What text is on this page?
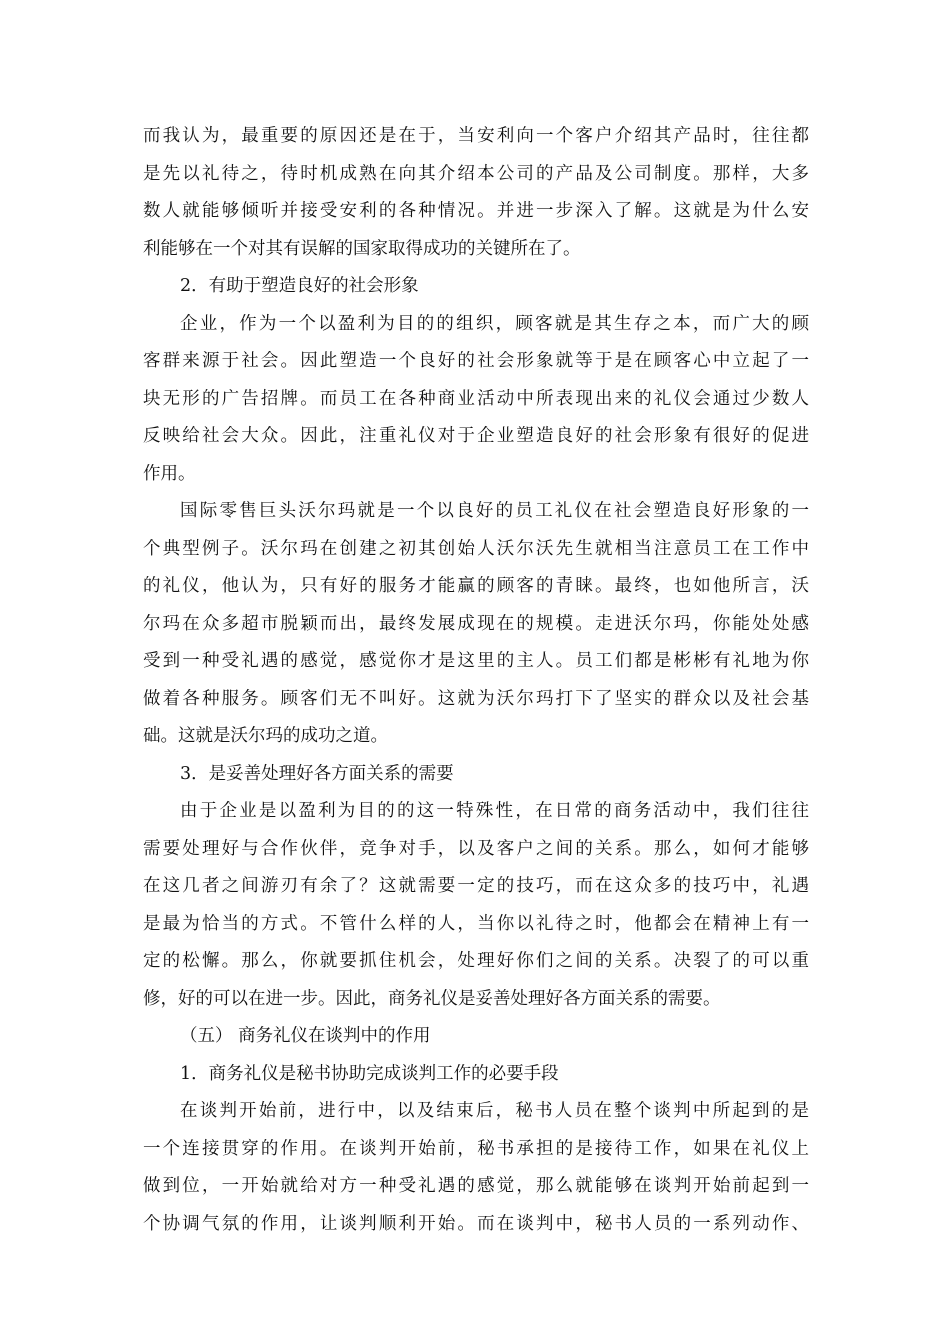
而我认为，最重要的原因还是在于，当安利向一个客户介绍其产品时，往往都
是先以礼待之，待时机成熟在向其介绍本公司的产品及公司制度。那样，大多
数人就能够倾听并接受安利的各种情况。并进一步深入了解。这就是为什么安
利能够在一个对其有误解的国家取得成功的关键所在了。
2．有助于塑造良好的社会形象
企业，作为一个以盈利为目的的组织，顾客就是其生存之本，而广大的顾
客群来源于社会。因此塑造一个良好的社会形象就等于是在顾客心中立起了一
块无形的广告招牌。而员工在各种商业活动中所表现出来的礼仪会通过少数人
反映给社会大众。因此，注重礼仪对于企业塑造良好的社会形象有很好的促进
作用。
国际零售巨头沃尔玛就是一个以良好的员工礼仪在社会塑造良好形象的一
个典型例子。沃尔玛在创建之初其创始人沃尔沃先生就相当注意员工在工作中
的礼仪，他认为，只有好的服务才能赢的顾客的青睐。最终，也如他所言，沃
尔玛在众多超市脱颖而出，最终发展成现在的规模。走进沃尔玛，你能处处感
受到一种受礼遇的感觉，感觉你才是这里的主人。员工们都是彬彬有礼地为你
做着各种服务。顾客们无不叫好。这就为沃尔玛打下了坚实的群众以及社会基
础。这就是沃尔玛的成功之道。
3．是妥善处理好各方面关系的需要
由于企业是以盈利为目的的这一特殊性，在日常的商务活动中，我们往往
需要处理好与合作伙伴，竞争对手，以及客户之间的关系。那么，如何才能够
在这几者之间游刃有余了？这就需要一定的技巧，而在这众多的技巧中，礼遇
是最为恰当的方式。不管什么样的人，当你以礼待之时，他都会在精神上有一
定的松懈。那么，你就要抓住机会，处理好你们之间的关系。决裂了的可以重
修，好的可以在进一步。因此，商务礼仪是妥善处理好各方面关系的需要。
（五） 商务礼仪在谈判中的作用
1．商务礼仪是秘书协助完成谈判工作的必要手段
在谈判开始前，进行中，以及结束后，秘书人员在整个谈判中所起到的是
一个连接贯穿的作用。在谈判开始前，秘书承担的是接待工作，如果在礼仪上
做到位，一开始就给对方一种受礼遇的感觉，那么就能够在谈判开始前起到一
个协调气氛的作用，让谈判顺利开始。而在谈判中，秘书人员的一系列动作、
